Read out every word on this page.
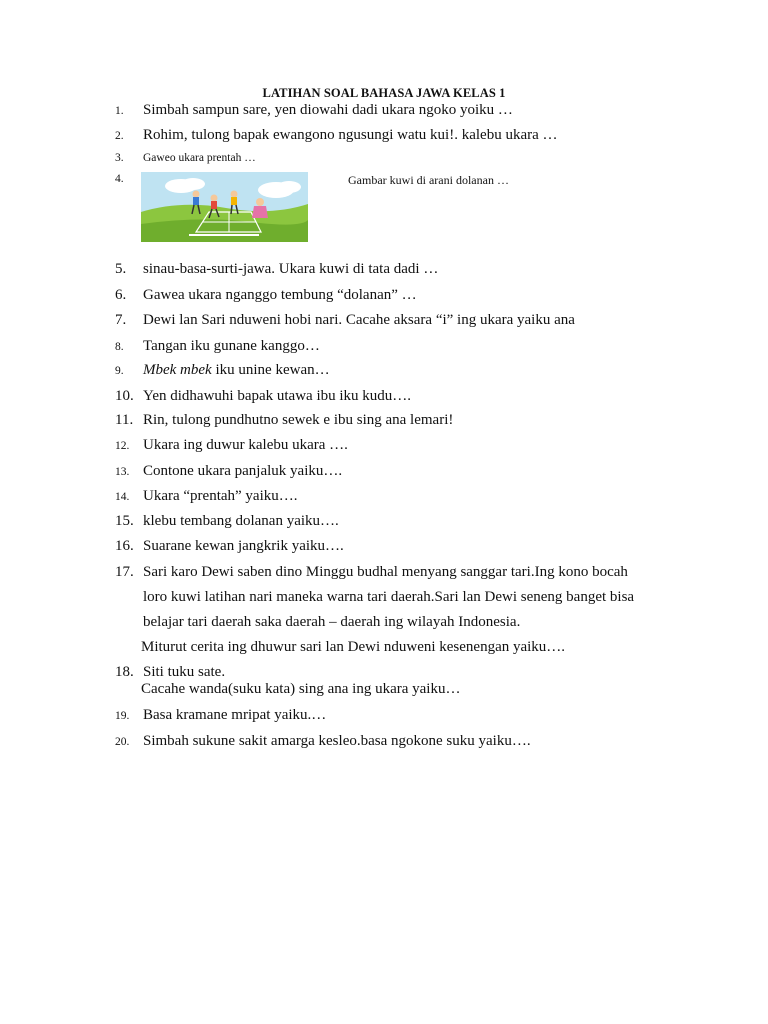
LATIHAN SOAL BAHASA JAWA KELAS 1
1. Simbah sampun sare, yen diowahi dadi ukara ngoko yoiku …
2. Rohim, tulong bapak ewangono ngusungi watu kui!. kalebu ukara …
3. Gaweo ukara prentah …
4.	Gambar kuwi di arani dolanan …
5. sinau-basa-surti-jawa. Ukara kuwi di tata dadi …
6. Gawea ukara nganggo tembung “dolanan” …
7. Dewi lan Sari nduweni hobi nari. Cacahe aksara “i” ing ukara yaiku ana
8. Tangan iku gunane kanggo…
9. Mbek mbek iku unine kewan…
10. Yen didhawuhi bapak utawa ibu iku kudu….
11. Rin, tulong pundhutno sewek e ibu sing ana lemari!
12. Ukara ing duwur kalebu ukara ….
13. Contone ukara panjaluk yaiku….
14. Ukara “prentah” yaiku….
15. klebu tembang dolanan yaiku….
16. Suarane kewan jangkrik yaiku….
17. Sari karo Dewi saben dino Minggu budhal menyang sanggar tari.Ing kono bocah
loro kuwi latihan nari maneka warna tari daerah.Sari lan Dewi seneng banget bisa
belajar tari daerah saka daerah – daerah ing wilayah Indonesia.
Miturut cerita ing dhuwur sari lan Dewi nduweni kesenengan yaiku….
18. Siti tuku sate.
Cacahe wanda(suku kata) sing ana ing ukara yaiku…
19. Basa kramane mripat yaiku.…
20. Simbah sukune sakit amarga kesleo.basa ngokone suku yaiku….
